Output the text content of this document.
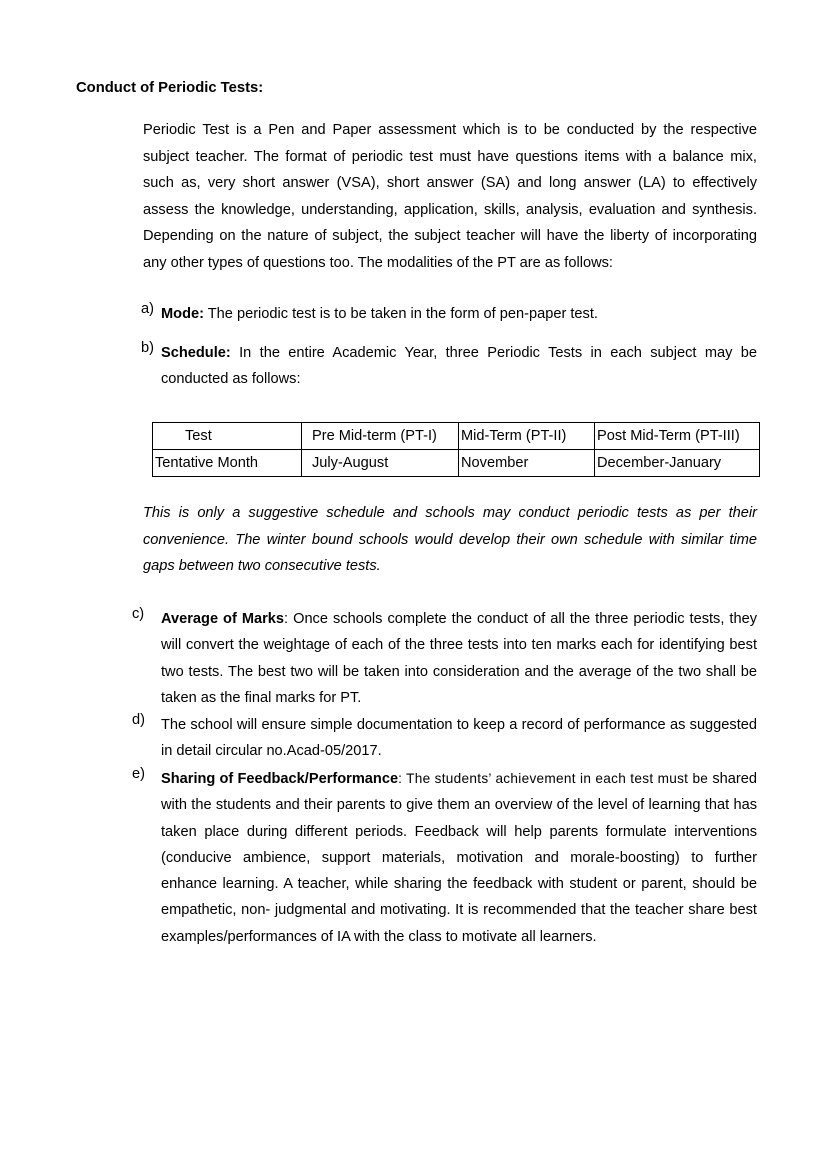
Conduct of Periodic Tests:

Periodic Test is a Pen and Paper assessment which is to be conducted by the respective subject teacher. The format of periodic test must have questions items with a balance mix, such as, very short answer (VSA), short answer (SA) and long answer (LA) to effectively assess the knowledge, understanding, application, skills, analysis, evaluation and synthesis. Depending on the nature of subject, the subject teacher will have the liberty of incorporating any other types of questions too. The modalities of the PT are as follows:

a) Mode: The periodic test is to be taken in the form of pen-paper test.

b) Schedule: In the entire Academic Year, three Periodic Tests in each subject may be conducted as follows:

Test	Pre Mid-term (PT-I)	Mid-Term (PT-II)	Post Mid-Term (PT-III)
Tentative Month	July-August	November	December-January

This is only a suggestive schedule and schools may conduct periodic tests as per their convenience. The winter bound schools would develop their own schedule with similar time gaps between two consecutive tests.

c) Average of Marks: Once schools complete the conduct of all the three periodic tests, they will convert the weightage of each of the three tests into ten marks each for identifying best two tests. The best two will be taken into consideration and the average of the two shall be taken as the final marks for PT.

d) The school will ensure simple documentation to keep a record of performance as suggested in detail circular no.Acad-05/2017.

e) Sharing of Feedback/Performance: The students’ achievement in each test must be shared with the students and their parents to give them an overview of the level of learning that has taken place during different periods. Feedback will help parents formulate interventions (conducive ambience, support materials, motivation and morale-boosting) to further enhance learning. A teacher, while sharing the feedback with student or parent, should be empathetic, non- judgmental and motivating. It is recommended that the teacher share best examples/performances of IA with the class to motivate all learners.
